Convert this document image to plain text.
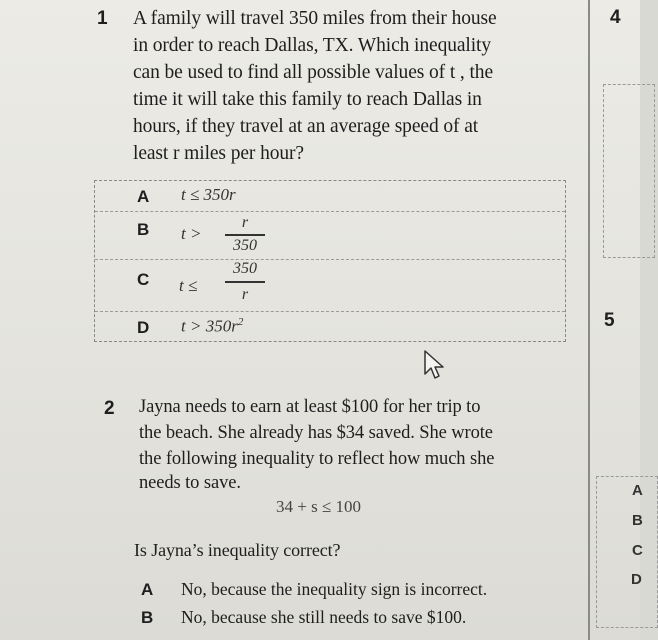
1 A family will travel 350 miles from their house
in order to reach Dallas, TX. Which inequality
can be used to find all possible values of t , the
time it will take this family to reach Dallas in
hours, if they travel at an average speed of at
least r miles per hour?
A t ≤ 350r
B t >
r
350
C t ≤
350
r
D $t > 350r^2$
2 Jayna needs to earn at least $100 for her trip to
the beach. She already has $34 saved. She wrote
the following inequality to reflect how much she
needs to save.
34 + s ≤ 100
Is Jayna’s inequality correct?
A No, because the inequality sign is incorrect.
B No, because she still needs to save $100.
4
5
A
B
C
D
